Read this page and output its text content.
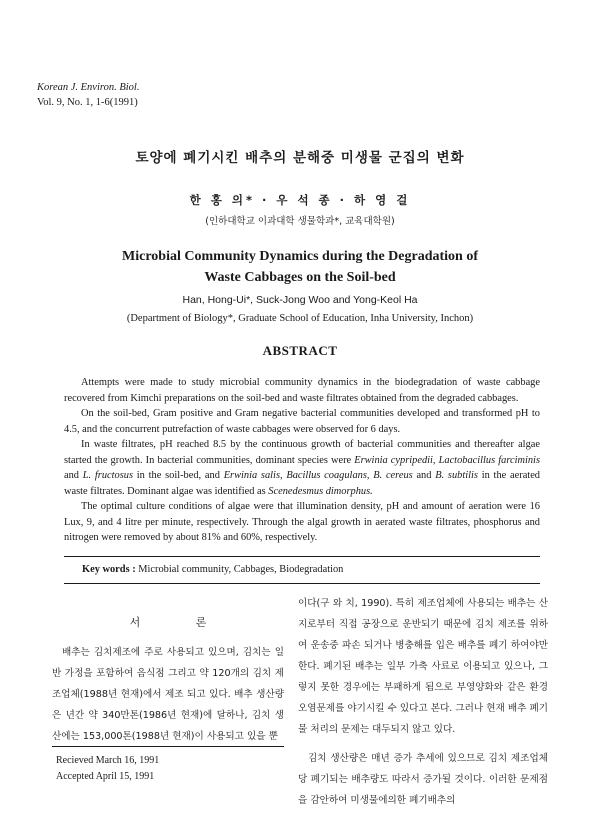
Korean J. Environ. Biol.
Vol. 9, No. 1, 1-6(1991)
토양에 폐기시킨 배추의 분해중 미생물 군집의 변화
한 홍 의* · 우 석 종 · 하 영 걸
(인하대학교 이과대학 생물학과*, 교육대학원)
Microbial Community Dynamics during the Degradation of
Waste Cabbages on the Soil-bed
Han, Hong-Ui*, Suck-Jong Woo and Yong-Keol Ha
(Department of Biology*, Graduate School of Education, Inha University, Inchon)
ABSTRACT

Attempts were made to study microbial community dynamics in the biodegradation of waste cabbage recovered from Kimchi preparations on the soil-bed and waste filtrates obtained from the degraded cabbages.

On the soil-bed, Gram positive and Gram negative bacterial communities developed and transformed pH to 4.5, and the concurrent putrefaction of waste cabbages were observed for 6 days.

In waste filtrates, pH reached 8.5 by the continuous growth of bacterial communities and thereafter algae started the growth. In bacterial communities, dominant species were Erwinia cypripedii, Lactobacillus farciminis and L. fructosus in the soil-bed, and Erwinia salis, Bacillus coagulans, B. cereus and B. subtilis in the aerated waste filtrates. Dominant algae was identified as Scenedesmus dimorphus.

The optimal culture conditions of algae were that illumination density, pH and amount of aeration were 16 Lux, 9, and 4 litre per minute, respectively. Through the algal growth in aerated waste filtrates, phosphorus and nitrogen were removed by about 81% and 60%, respectively.

Key words : Microbial community, Cabbages, Biodegradation
서 론

배추는 김치제조에 주로 사용되고 있으며, 김치는 일반 가정을 포함하여 음식점 그리고 약 120개의 김치 제조업체(1988년 현재)에서 제조 되고 있다. 배추 생산량은 년간 약 340만톤(1986년 현재)에 달하나, 김치 생산에는 153,000톤(1988년 현재)이 사용되고 있을 뿐

이다(구 와 치, 1990). 특히 제조업체에 사용되는 배추는 산지로부터 직접 공장으로 운반되기 때문에 김치 제조를 위하여 운송중 파손 되거나 병충해를 입은 배추를 폐기 하여야만 한다. 폐기된 배추는 일부 가축 사료로 이용되고 있으나, 그렇지 못한 경우에는 부패하게 됨으로 부영양화와 같은 환경 오염문제를 야기시킬 수 있다고 본다. 그러나 현재 배추 폐기물 처리의 문제는 대두되지 않고 있다.

김치 생산량은 매년 증가 추세에 있으므로 김치 제조업체당 폐기되는 배추량도 따라서 증가될 것이다. 이러한 문제점을 감안하여 미생물에의한 폐기배추의

Recieved March 16, 1991
Accepted April 15, 1991
